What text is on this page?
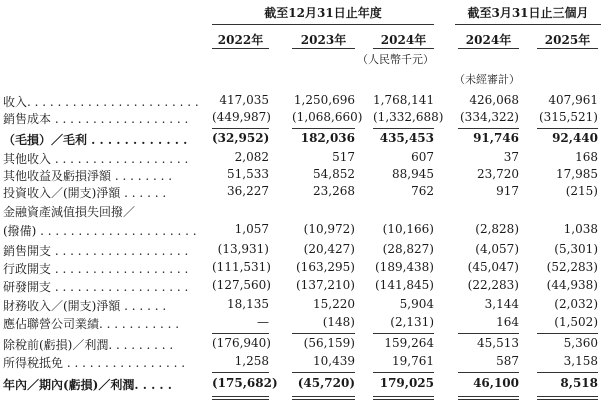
截至12月31日止年度	截至3月31日止三個月
2022年	2023年	2024年	2024年	2025年
（人民幣千元）
（未經審計）
收入. . . . . . . . . . . . . . . . . . . . . . .	417,035 1,250,696 1,768,141	426,068	407,961
銷售成本 . . . . . . . . . . . . . . . . . . (449,987) (1,068,660) (1,332,688) (334,322) (315,521)
（毛損）／毛利 . . . . . . . . . . . . (32,952)	182,036	435,453	91,746	92,440
其他收入 . . . . . . . . . . . . . . . . . .	2,082	517	607	37	168
其他收益及虧損淨額 . . . . . . . .	51,533	54,852	88,945	23,720	17,985
投資收入／(開支)淨額 . . . . . .	36,227	23,268	762	917	(215)
金融資產減值損失回撥／
(撥備) . . . . . . . . . . . . . . . . . . . . .	1,057	(10,972)	(10,166)	(2,828)	1,038
銷售開支 . . . . . . . . . . . . . . . . . .	(13,931)	(20,427)	(28,827)	(4,057)	(5,301)
行政開支 . . . . . . . . . . . . . . . . . . (111,531)	(163,295) (189,438)	(45,047)	(52,283)
研發開支 . . . . . . . . . . . . . . . . . . (127,560)	(137,210) (141,845)	(22,283)	(44,938)
財務收入／(開支)淨額 . . . . . .	18,135	15,220	5,904	3,144	(2,032)
應佔聯營公司業績. . . . . . . . . . .	—	(148)	(2,131)	164	(1,502)
除稅前(虧損)／利潤. . . . . . . . .	(176,940)	(56,159)	159,264	45,513	5,360
所得稅抵免 . . . . . . . . . . . . . . . .	1,258	10,439	19,761	587	3,158
年內／期內(虧損)／利潤. . . . .	(175,682)	(45,720)	179,025	46,100	8,518
